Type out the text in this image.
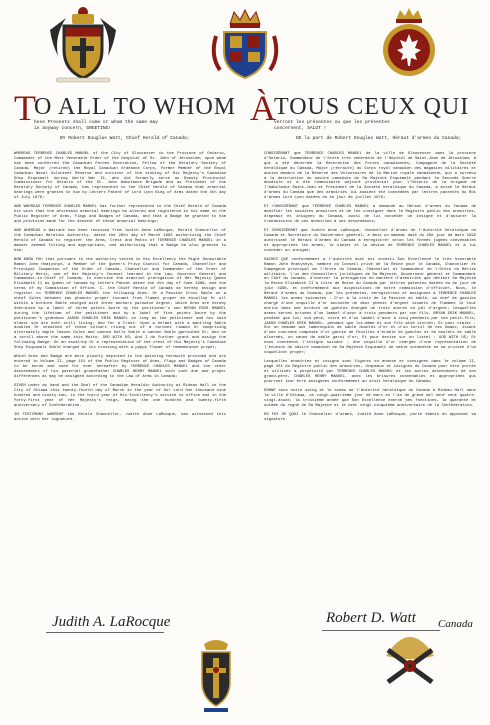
T
O ALL TO WHOM
hese Presents shall come or whom the same may
in anyway concern, GREETING!
BY Robert Douglas Watt, Chief Herald of Canada;
À
TOUS CEUX QUI
verront les présentes ou que les présentes
concernent, SALUT !
DE la part de Robert Douglas Watt, Héraut d'armes du Canada;

WHEREAS TERRENCE CHARLES MANUEL of the City of Gloucester in the Province of Ontario, Commander of the Most Venerable Order of the Hospital of St. John of Jerusalem, upon whom has been conferred the Canadian Forces Decoration, Fellow of the Heraldry Society of Canada, Major (retired) the Royal Canadian Ordnance Corps, former Member of the Royal Canadian Naval Volunteer Reserve and survivor of the sinking of His Majesty's Canadian Ship Esquimalt during World War II, who did formerly serve as Deputy Provincial Commissioner for Ontario of the St. John Ambulance Brigade and as President of the Heraldry Society of Canada, has represented to the Chief Herald of Canada that armorial bearings were granted to him by Letters Patent of Lord Lyon King of Arms dated the 4th day of July 1976;

AND WHEREAS TERRENCE CHARLES MANUEL has further represented to the Chief Herald of Canada his wish that the aforesaid armorial bearings be altered and registered in his name in the Public Register of Arms, Flags and Badges of Canada, and that a Badge be granted to him and provision made for the descent of these armorial bearings;

AND WHEREAS a Warrant has been received from Judith Anne LaRocque, Herald Chancellor of the Canadian Heraldic Authority, dated the 29th day of March 1992 authorizing the Chief Herald of Canada to register the Arms, Crest and Motto of TERRENCE CHARLES MANUEL in a manner deemed fitting and appropriate, and authorizing that a Badge be also granted to him;

NOW KNOW YOU that pursuant to the authority vested in His Excellency the Right Honourable Ramon John Hnatyshyn, a Member of the Queen's Privy Council for Canada, Chancellor and Principal Companion of the Order of Canada, Chancellor and Commander of the Order of Military Merit, one of Her Majesty's Counsel learned in the Law, Governor General and Commander-in-Chief of Canada, to exercise the armorial prerogative of Her Majesty Queen Elizabeth II as Queen of Canada by Letters Patent dated the 4th day of June 1988, and the terms of my Commission of Office, I, the Chief Herald of Canada do hereby assign and register to TERRENCE CHARLES MANUEL the following Arms: Or a Passion Cross Sable on a chief Gules between two phoenix proper issuant from flames proper an escallop Or all within a bordure Sable charged with three anchors palewise Argent; which Arms are hereby debruised by a label of three points Azure by the petitioner's son BRYAN ERIK MANUEL during the lifetime of the petitioner and by a label of five points Azure by the petitioner's grandson JASON CHARLES ERIK MANUEL so long as the petitioner and his said eldest son are both still living; And for a Crest: Upon a helmet with a mantling Sable doubled Or wreathed of these colours rising out of a coronet rimmed Or comprising alternately maple leaves Gules and cannon balls Sable a cannon Sable garnished Or; And on a scroll above the same this Motto: GOD WITH US; And I do further grant and assign the following Badge: On an escallop Or a representation of the crest of His Majesty's Canadian Ship Esquimalt Sable charged at its crossing with a poppy flower of remembrance proper;

Which Arms and Badge are more plainly depicted in the painting herewith provided and are entered in Volume II, page 151 of the Public Register of Arms, Flags and Badges of Canada to be borne and used for ever hereafter by TERRENCE CHARLES MANUEL and the other descendants of his paternal grandfather CHARLES HENRY MANUEL with such due and proper differences as may be assigned according to the Law of Arms in Canada;

GIVEN under my hand and the Seal of the Canadian Heraldic Authority at Rideau Hall in the City of Ottawa this twenty-fourth day of March in the year of Our Lord One thousand nine hundred and ninety-two, in the third year of His Excellency's service in office and in the forty-first year of Her Majesty's reign, being the one hundred and twenty-fifth anniversary of Confederation.

IN TESTIMONY WHEREOF the Herald Chancellor, Judith Anne LaRocque, has witnessed this action with her signature.

CONSIDÉRANT que TERRENCE CHARLES MANUEL de la ville de Gloucester dans la province d'Ontario, Commandeur de l'Ordre très vénérable de l'Hôpital de Saint-Jean de Jérusalem, à qui a été décernée la Décoration des Forces canadiennes, Compagnon de la Société héraldique du Canada, Major (retraité) du Corps royal canadien des magasins militaires et ancien membre de la Réserve des Volontaires de la Marine royale canadienne, qui a survécu à la destruction du navire canadien de Sa Majesté Esquimalt pendant la Seconde Guerre mondiale et a été Commissaire adjoint provincial pour l'Ontario de la brigade de l'Ambulance Saint-Jean et Président de la Société héraldique du Canada, a avisé le Héraut d'armes du Canada que des armoiries lui avaient été concédées par lettres patentes du Roi d'armes Lord Lyon datées du 4e jour de juillet 1976;

ET CONSIDÉRANT que TERRENCE CHARLES MANUEL a demandé au Héraut d'armes du Canada de modifier les susdites armoiries et de les consigner dans le Registre public des armoiries, drapeaux et insignes du Canada, aussi de lui concéder un insigne et d'assurer la transmission de ses armoiries à ses descendants;

ET CONSIDÉRANT que Judith Anne LaRocque, chancelier d'armes de l'Autorité héraldique du Canada et Secrétaire du Gouverneur général, a émis un mandat daté du 29e jour de mars 1992 autorisant le Héraut d'armes du Canada à enregistrer selon les formes jugées convenables et appropriées les armes, le cimier et la devise de TERRENCE CHARLES MANUEL et à lui concéder un insigne;

SACHEZ QUE conformément à l'autorité dont est investi Son Excellence le très honorable Ramon John Hnatyshyn, membre du Conseil privé de la Reine pour le Canada, Chancelier et Compagnon principal de l'Ordre du Canada, Chancelier et Commandeur de l'Ordre du Mérite militaire, l'un des Conseillers juridiques de Sa Majesté, Gouverneur général et Commandant en Chef du Canada, d'exercer la prérogative en matière d'armoiries que détient Sa Majesté la Reine Elizabeth II à titre de Reine du Canada par lettres patentes datées du 4e jour de juin 1988, et conformément aux dispositions de notre commission d'officier, Nous, le Héraut d'armes du Canada, par les présentes, enregistrons et assignons à TERRENCE CHARLES MANUEL les armes suivantes : D'or à la croix de la Passion de sable, au chef de gueules chargé d'une coquille d'or accostée de deux phénix d'argent issants de flammes le tout enclos dans une bordure de gueules chargée de trois ancres en pal d'argent; lesquelles armes seront brisées d'un lambel d'azur à trois pendants par son fils, BRYAN ERIK MANUEL, pendant que lui, son père, vivra et d'un lambel d'azur à cinq pendants par son petit-fils, JASON CHARLES ERIK MANUEL, pendant que lui-même et son fils aîné vivront; Et pour cimier : Sur un heaume aux lambrequins de sable doublés d'or et d'un tortil de ces émaux, issant d'une couronne composée d'or garnie de feuilles d'érable de gueules et de boulets de sable alternés, un canon de sable garni d'or; Et pour devise sur un listel : GOD WITH US; Et nous concédons l'insigne suivant : Une coquille d'or chargée d'une représentation de l'écusson du navire canadien de Sa Majesté Esquimalt de sable surmontée en sa croisée d'un coquelicot proper;

Lesquelles armoiries et insigne sont figurés en annexe et consignés dans le volume II, page 151 du Registre public des armoiries, drapeaux et insignes du Canada pour être portés et utilisés à perpétuité par TERRENCE CHARLES MANUEL et les autres descendants de son grand-père, CHARLES HENRY MANUEL, avec les brisures convenables et appropriées qui pourront leur être assignées conformément au droit héraldique du Canada;

DONNÉ sous notre seing et le sceau de l'Autorité héraldique du Canada à Rideau Hall dans la ville d'Ottawa, ce vingt-quatrième jour de mars en l'an de grâce mil neuf cent quatre-vingt-douze, la troisième année que Son Excellence exerce ses fonctions, la quarante et unième du règne de Sa Majesté et le cent vingt-cinquième anniversaire de la Confédération.

EN FOI DE QUOI le Chancelier d'armes, Judith Anne LaRocque, porte témoin en apposant sa signature.

Judith A. LaRocque	Robert D. Watt Canada
